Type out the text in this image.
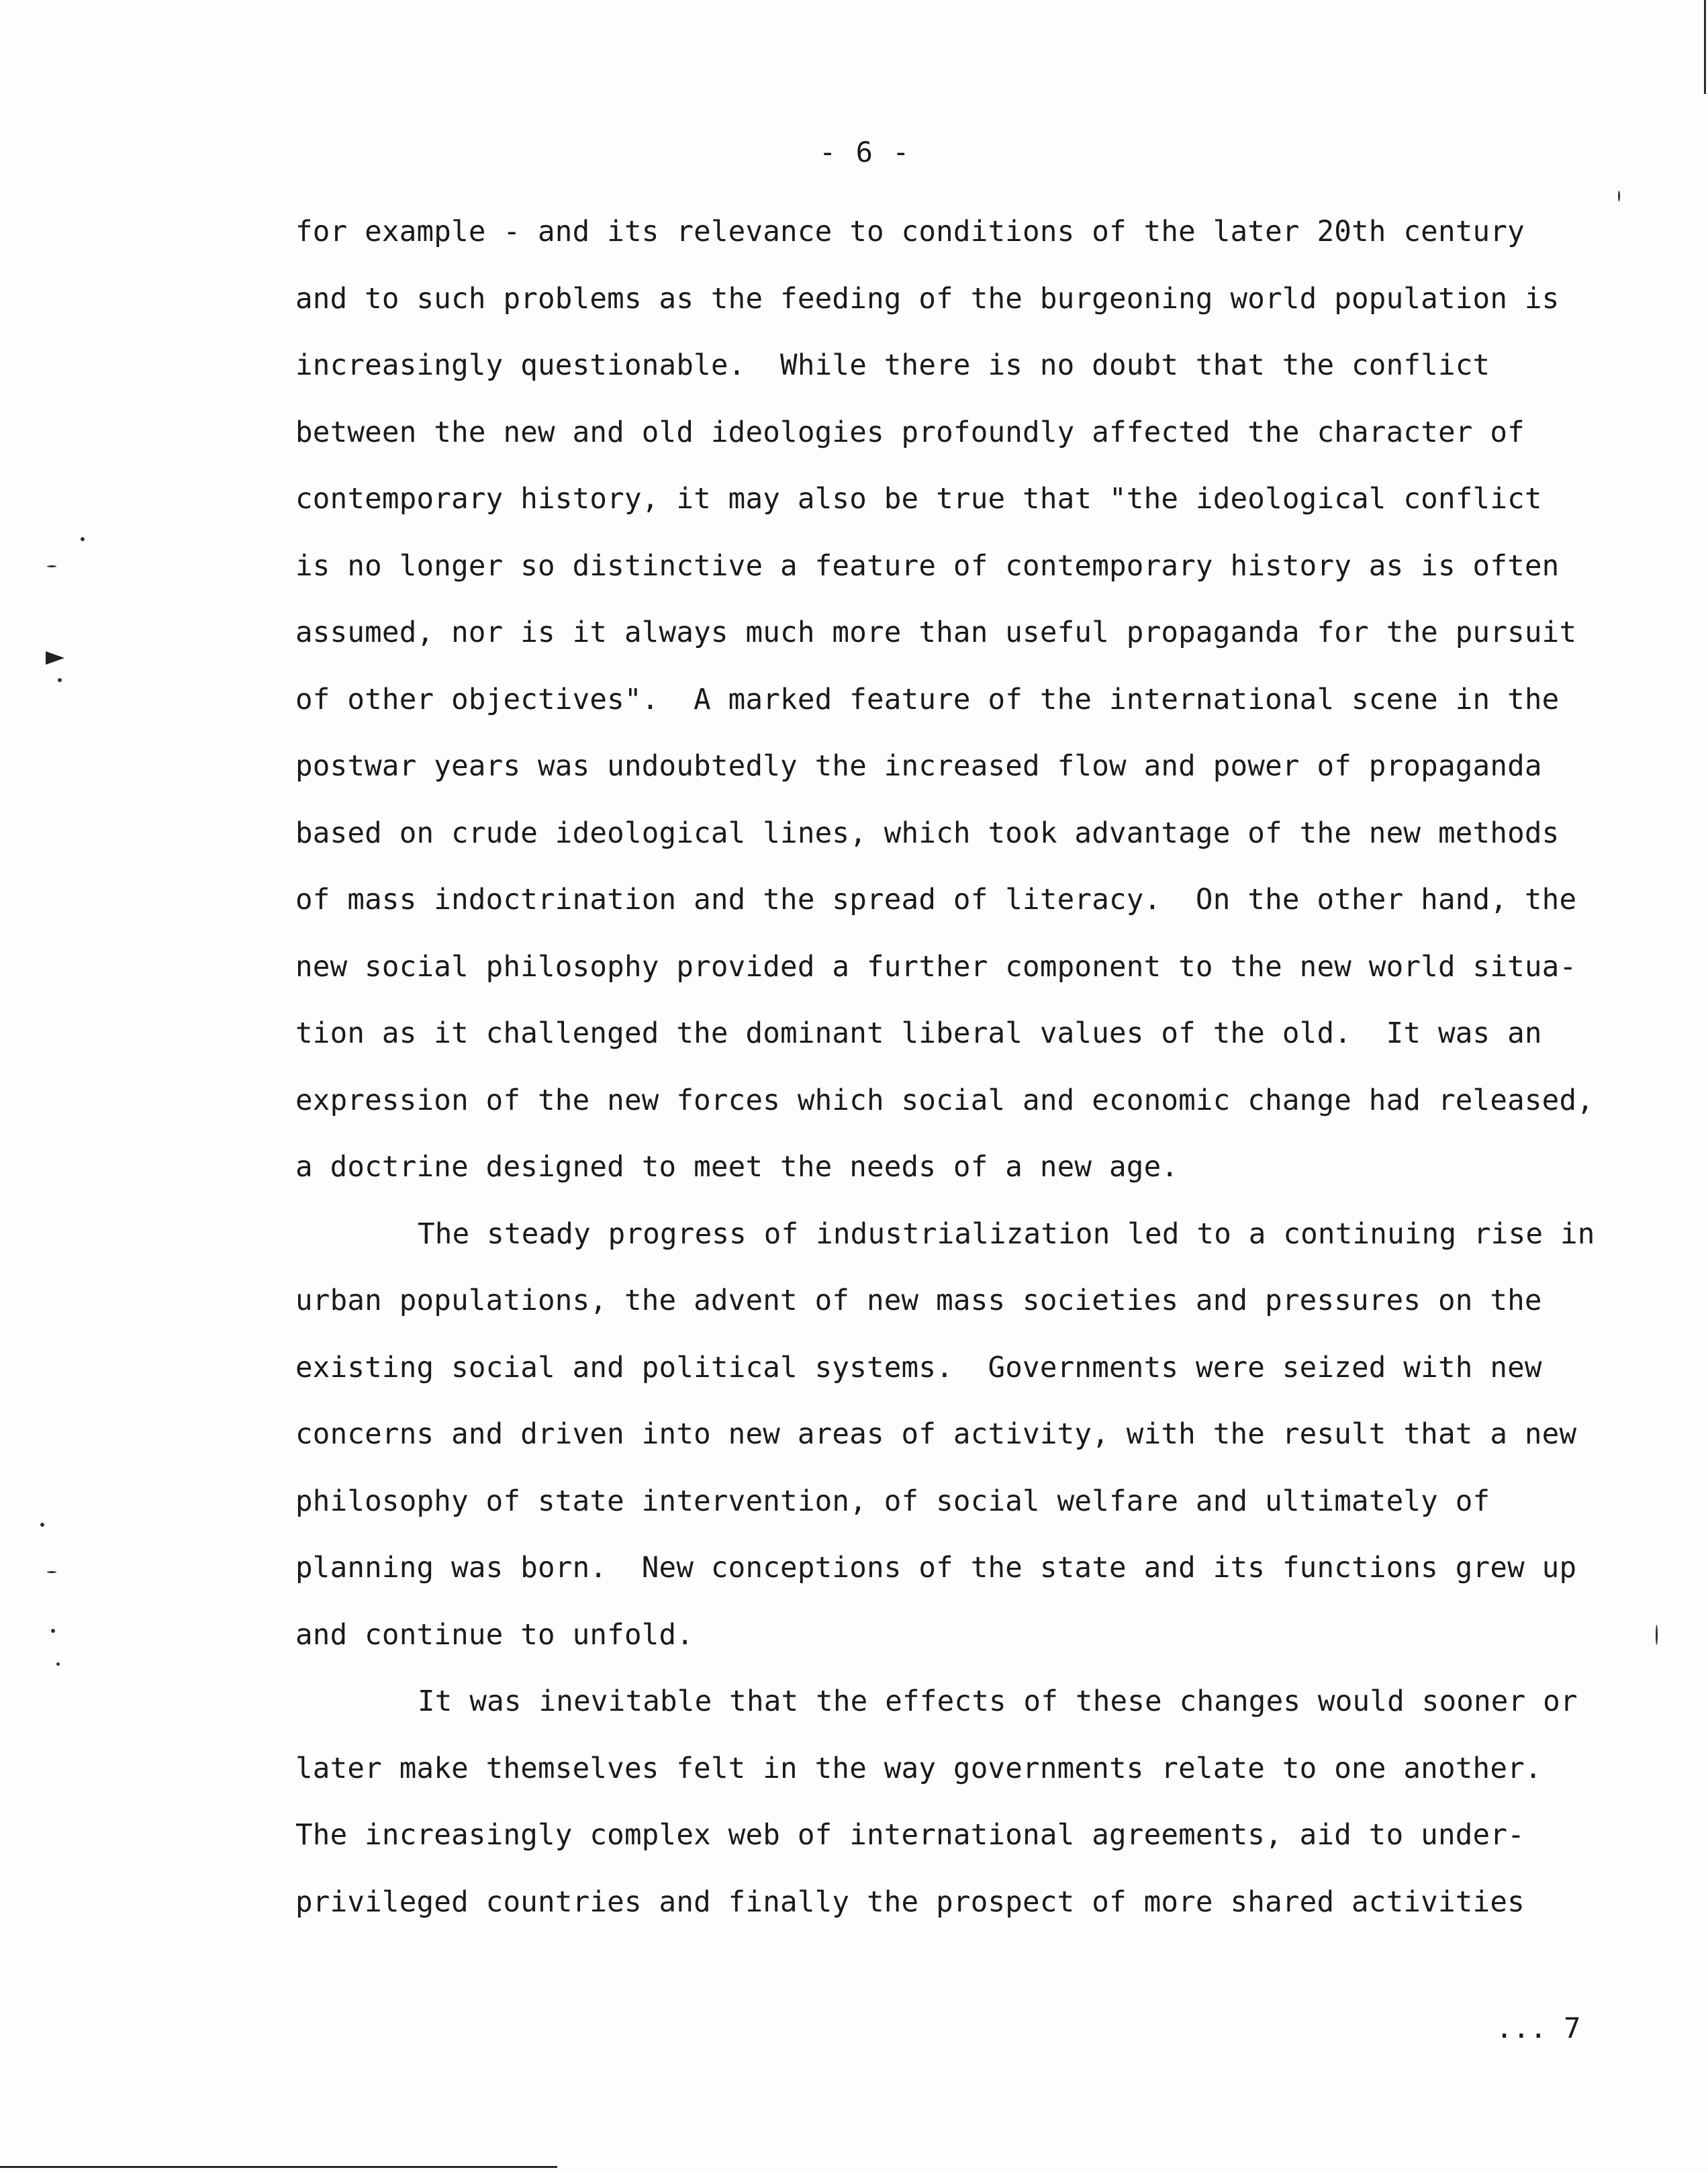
- 6 -
for example - and its relevance to conditions of the later 20th century
and to such problems as the feeding of the burgeoning world population is
increasingly questionable.  While there is no doubt that the conflict
between the new and old ideologies profoundly affected the character of
contemporary history, it may also be true that "the ideological conflict
is no longer so distinctive a feature of contemporary history as is often
assumed, nor is it always much more than useful propaganda for the pursuit
of other objectives".  A marked feature of the international scene in the
postwar years was undoubtedly the increased flow and power of propaganda
based on crude ideological lines, which took advantage of the new methods
of mass indoctrination and the spread of literacy.  On the other hand, the
new social philosophy provided a further component to the new world situa-
tion as it challenged the dominant liberal values of the old.  It was an
expression of the new forces which social and economic change had released,
a doctrine designed to meet the needs of a new age.
The steady progress of industrialization led to a continuing rise in
urban populations, the advent of new mass societies and pressures on the
existing social and political systems.  Governments were seized with new
concerns and driven into new areas of activity, with the result that a new
philosophy of state intervention, of social welfare and ultimately of
planning was born.  New conceptions of the state and its functions grew up
and continue to unfold.
It was inevitable that the effects of these changes would sooner or
later make themselves felt in the way governments relate to one another.
The increasingly complex web of international agreements, aid to under-
privileged countries and finally the prospect of more shared activities
... 7
